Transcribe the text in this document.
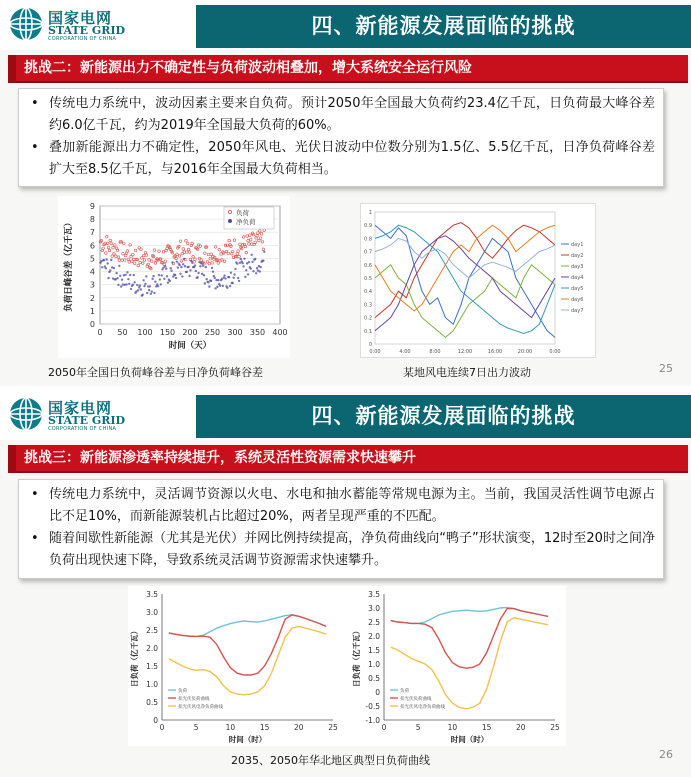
国家电网
STATE GRID
CORPORATION OF CHINA
四、新能源发展面临的挑战
挑战二：新能源出力不确定性与负荷波动相叠加，增大系统安全运行风险
• 传统电力系统中，波动因素主要来自负荷。预计2050年全国最大负荷约23.4亿千瓦，日负荷最大峰谷差约6.0亿千瓦，约为2019年全国最大负荷的60%。
• 叠加新能源出力不确定性，2050年风电、光伏日波动中位数分别为1.5亿、5.5亿千瓦，日净负荷峰谷差扩大至8.5亿千瓦，与2016年全国最大负荷相当。
0
1
2
3
4
5
6
7
8
9
0 50 100 150 200 250 300 350 400
时间（天）
负荷日峰谷差（亿千瓦）
负荷
净负荷
2050年全国日负荷峰谷差与日净负荷峰谷差
0
0.1
0.2
0.3
0.4
0.5
0.6
0.7
0.8
0.9
1
0:00	4:00	8:00	12:00	16:00	20:00	0:00
day1
day2
day3
day4
day5
day6
day7
某地风电连续7日出力波动	25
国家电网
STATE GRID
CORPORATION OF CHINA
四、新能源发展面临的挑战
挑战三：新能源渗透率持续提升，系统灵活性资源需求快速攀升
• 传统电力系统中，灵活调节资源以火电、水电和抽水蓄能等常规电源为主。当前，我国灵活性调节电源占比不足10%，而新能源装机占比超过20%，两者呈现严重的不匹配。
• 随着间歇性新能源（尤其是光伏）并网比例持续提高，净负荷曲线向“鸭子”形状演变，12时至20时之间净负荷出现快速下降，导致系统灵活调节资源需求快速攀升。
0
0.5
1.0
1.5
2.0
2.5
3.0
3.5
0	5	10	15	20	25
时间（时）
日负荷（亿千瓦）
负荷
扣光伏负荷曲线
扣光伏风电净负荷曲线
-1.0
-0.5
0
0.5
1.0
1.5
2.0
2.5
3.0
3.5
0	5	10	15	20	25
时间（时）
日负荷（亿千瓦）
负荷
扣光伏负荷曲线
扣光伏风电净负荷曲线
2035、2050年华北地区典型日负荷曲线	26
